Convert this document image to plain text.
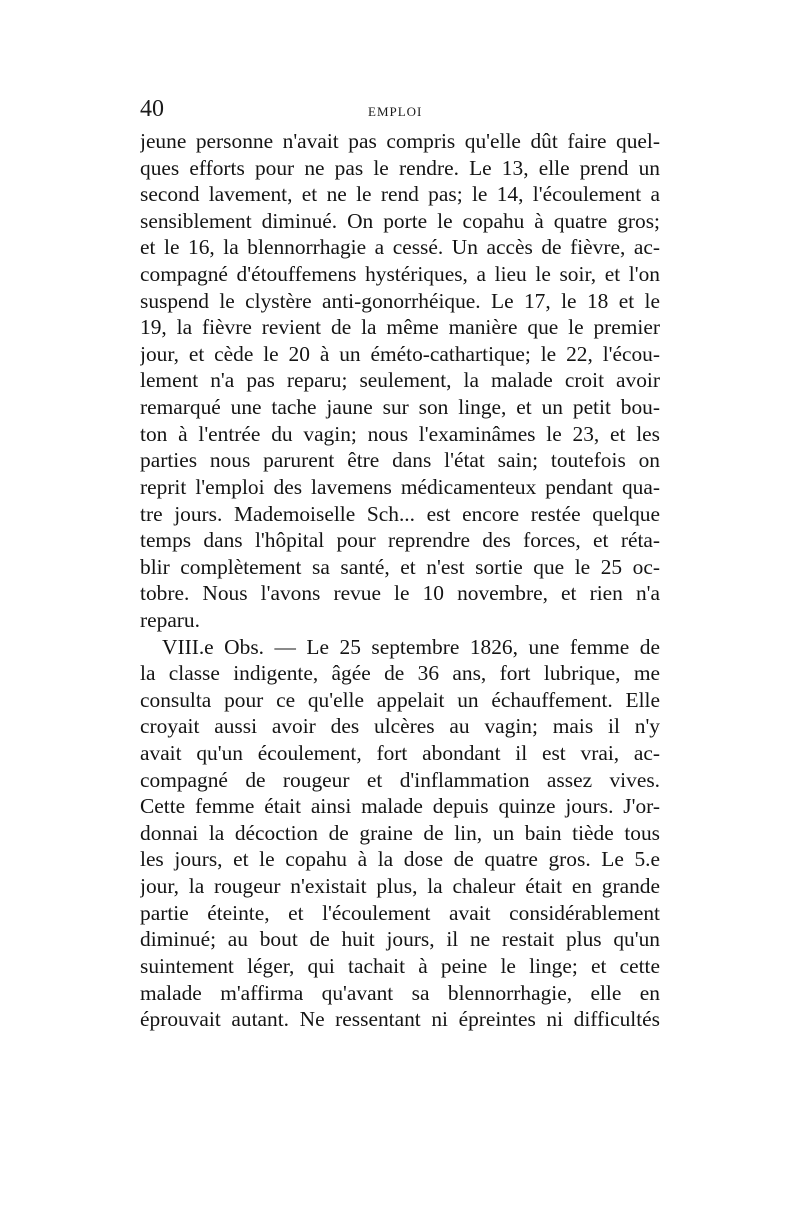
40	EMPLOI
jeune personne n'avait pas compris qu'elle dût faire quel-
ques efforts pour ne pas le rendre. Le 13, elle prend un
second lavement, et ne le rend pas; le 14, l'écoulement a
sensiblement diminué. On porte le copahu à quatre gros;
et le 16, la blennorrhagie a cessé. Un accès de fièvre, ac-
compagné d'étouffemens hystériques, a lieu le soir, et l'on
suspend le clystère anti-gonorrhéique. Le 17, le 18 et le
19, la fièvre revient de la même manière que le premier
jour, et cède le 20 à un éméto-cathartique; le 22, l'écou-
lement n'a pas reparu; seulement, la malade croit avoir
remarqué une tache jaune sur son linge, et un petit bou-
ton à l'entrée du vagin; nous l'examinâmes le 23, et les
parties nous parurent être dans l'état sain; toutefois on
reprit l'emploi des lavemens médicamenteux pendant qua-
tre jours. Mademoiselle Sch... est encore restée quelque
temps dans l'hôpital pour reprendre des forces, et réta-
blir complètement sa santé, et n'est sortie que le 25 oc-
tobre. Nous l'avons revue le 10 novembre, et rien n'a
reparu.
VIII.e Obs. — Le 25 septembre 1826, une femme de
la classe indigente, âgée de 36 ans, fort lubrique, me
consulta pour ce qu'elle appelait un échauffement. Elle
croyait aussi avoir des ulcères au vagin; mais il n'y
avait qu'un écoulement, fort abondant il est vrai, ac-
compagné de rougeur et d'inflammation assez vives.
Cette femme était ainsi malade depuis quinze jours. J'or-
donnai la décoction de graine de lin, un bain tiède tous
les jours, et le copahu à la dose de quatre gros. Le 5.e
jour, la rougeur n'existait plus, la chaleur était en grande
partie éteinte, et l'écoulement avait considérablement
diminué; au bout de huit jours, il ne restait plus qu'un
suintement léger, qui tachait à peine le linge; et cette
malade m'affirma qu'avant sa blennorrhagie, elle en
éprouvait autant. Ne ressentant ni épreintes ni difficultés
